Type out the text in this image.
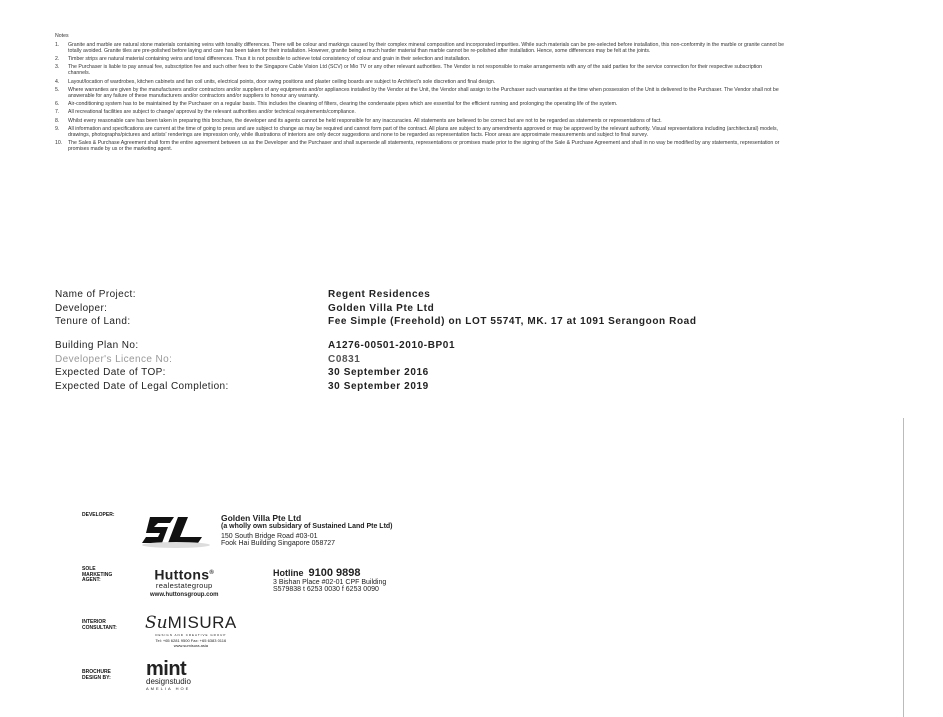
Notes
1.	Granite and marble are natural stone materials containing veins with tonality differences. There will be colour and markings caused by their complex mineral composition and incorporated impurities. While such materials can be pre-selected before installation, this non-conformity in the marble or granite cannot be totally avoided. Granite tiles are pre-polished before laying and care has been taken for their installation. However, granite being a much harder material than marble cannot be re-polished after installation. Hence, some differences may be felt at the joints.
2.	Timber strips are natural material containing veins and tonal differences. Thus it is not possible to achieve total consistency of colour and grain in their selection and installation.
3.	The Purchaser is liable to pay annual fee, subscription fee and such other fees to the Singapore Cable Vision Ltd (SCV) or Mio TV or any other relevant authorities. The Vendor is not responsible to make arrangements with any of the said parties for the service connection for their respective subscription channels.
4.	Layout/location of wardrobes, kitchen cabinets and fan coil units, electrical points, door swing positions and plaster ceiling boards are subject to Architect's sole discretion and final design.
5.	Where warranties are given by the manufacturers and/or contractors and/or suppliers of any equipments and/or appliances installed by the Vendor at the Unit, the Vendor shall assign to the Purchaser such warranties at the time when possession of the Unit is delivered to the Purchaser. The Vendor shall not be answerable for any failure of these manufacturers and/or contractors and/or suppliers to honour any warranty.
6.	Air-conditioning system has to be maintained by the Purchaser on a regular basis. This includes the cleaning of filters, clearing the condensate pipes which are essential for the efficient running and prolonging the operating life of the system.
7.	All recreational facilities are subject to change/ approval by the relevant authorities and/or technical requirements/compliance.
8.	Whilst every reasonable care has been taken in preparing this brochure, the developer and its agents cannot be held responsible for any inaccuracies. All statements are believed to be correct but are not to be regarded as statements or representations of fact.
9.	All information and specifications are current at the time of going to press and are subject to change as may be required and cannot form part of the contract. All plans are subject to any amendments approved or may be approved by the relevant authority. Visual representations including (architectural) models, drawings, photographs/pictures and artists' renderings are impression only, while illustrations of interiors are only decor suggestions and none to be regarded as representation facts. Floor areas are approximate measurements and subject to final survey.
10.	The Sales & Purchase Agreement shall form the entire agreement between us as the Developer and the Purchaser and shall supersede all statements, representations or promises made prior to the signing of the Sale & Purchase Agreement and shall in no way be modified by any statements, representation or promises made by us or the marketing agent.
Name of Project:	Regent Residences
Developer:	Golden Villa Pte Ltd
Tenure of Land:	Fee Simple (Freehold) on LOT 5574T, MK. 17 at 1091 Serangoon Road
Building Plan No:	A1276-00501-2010-BP01
Developer's Licence No:	C0831
Expected Date of TOP:	30 September 2016
Expected Date of Legal Completion:	30 September 2019
DEVELOPER:	Golden Villa Pte Ltd
(a wholly own subsidary of Sustained Land Pte Ltd)
150 South Bridge Road #03-01
Fook Hai Building Singapore 058727
SOLE
MARKETING
AGENT:	Huttons®
realestategroup
www.huttonsgroup.com
Hotline 9100 9898
3 Bishan Place #02-01 CPF Building
S579838 t 6253 0030 f 6253 0090
INTERIOR
CONSULTANT: SuMISURA
DESIGN AND CREATIVE GROUP
Tel: +65 6281 9500 Fax: +65 6383 0116
www.sumisura.asia
BROCHURE
DESIGN BY: mint
designstudio
AMELIA HOE
